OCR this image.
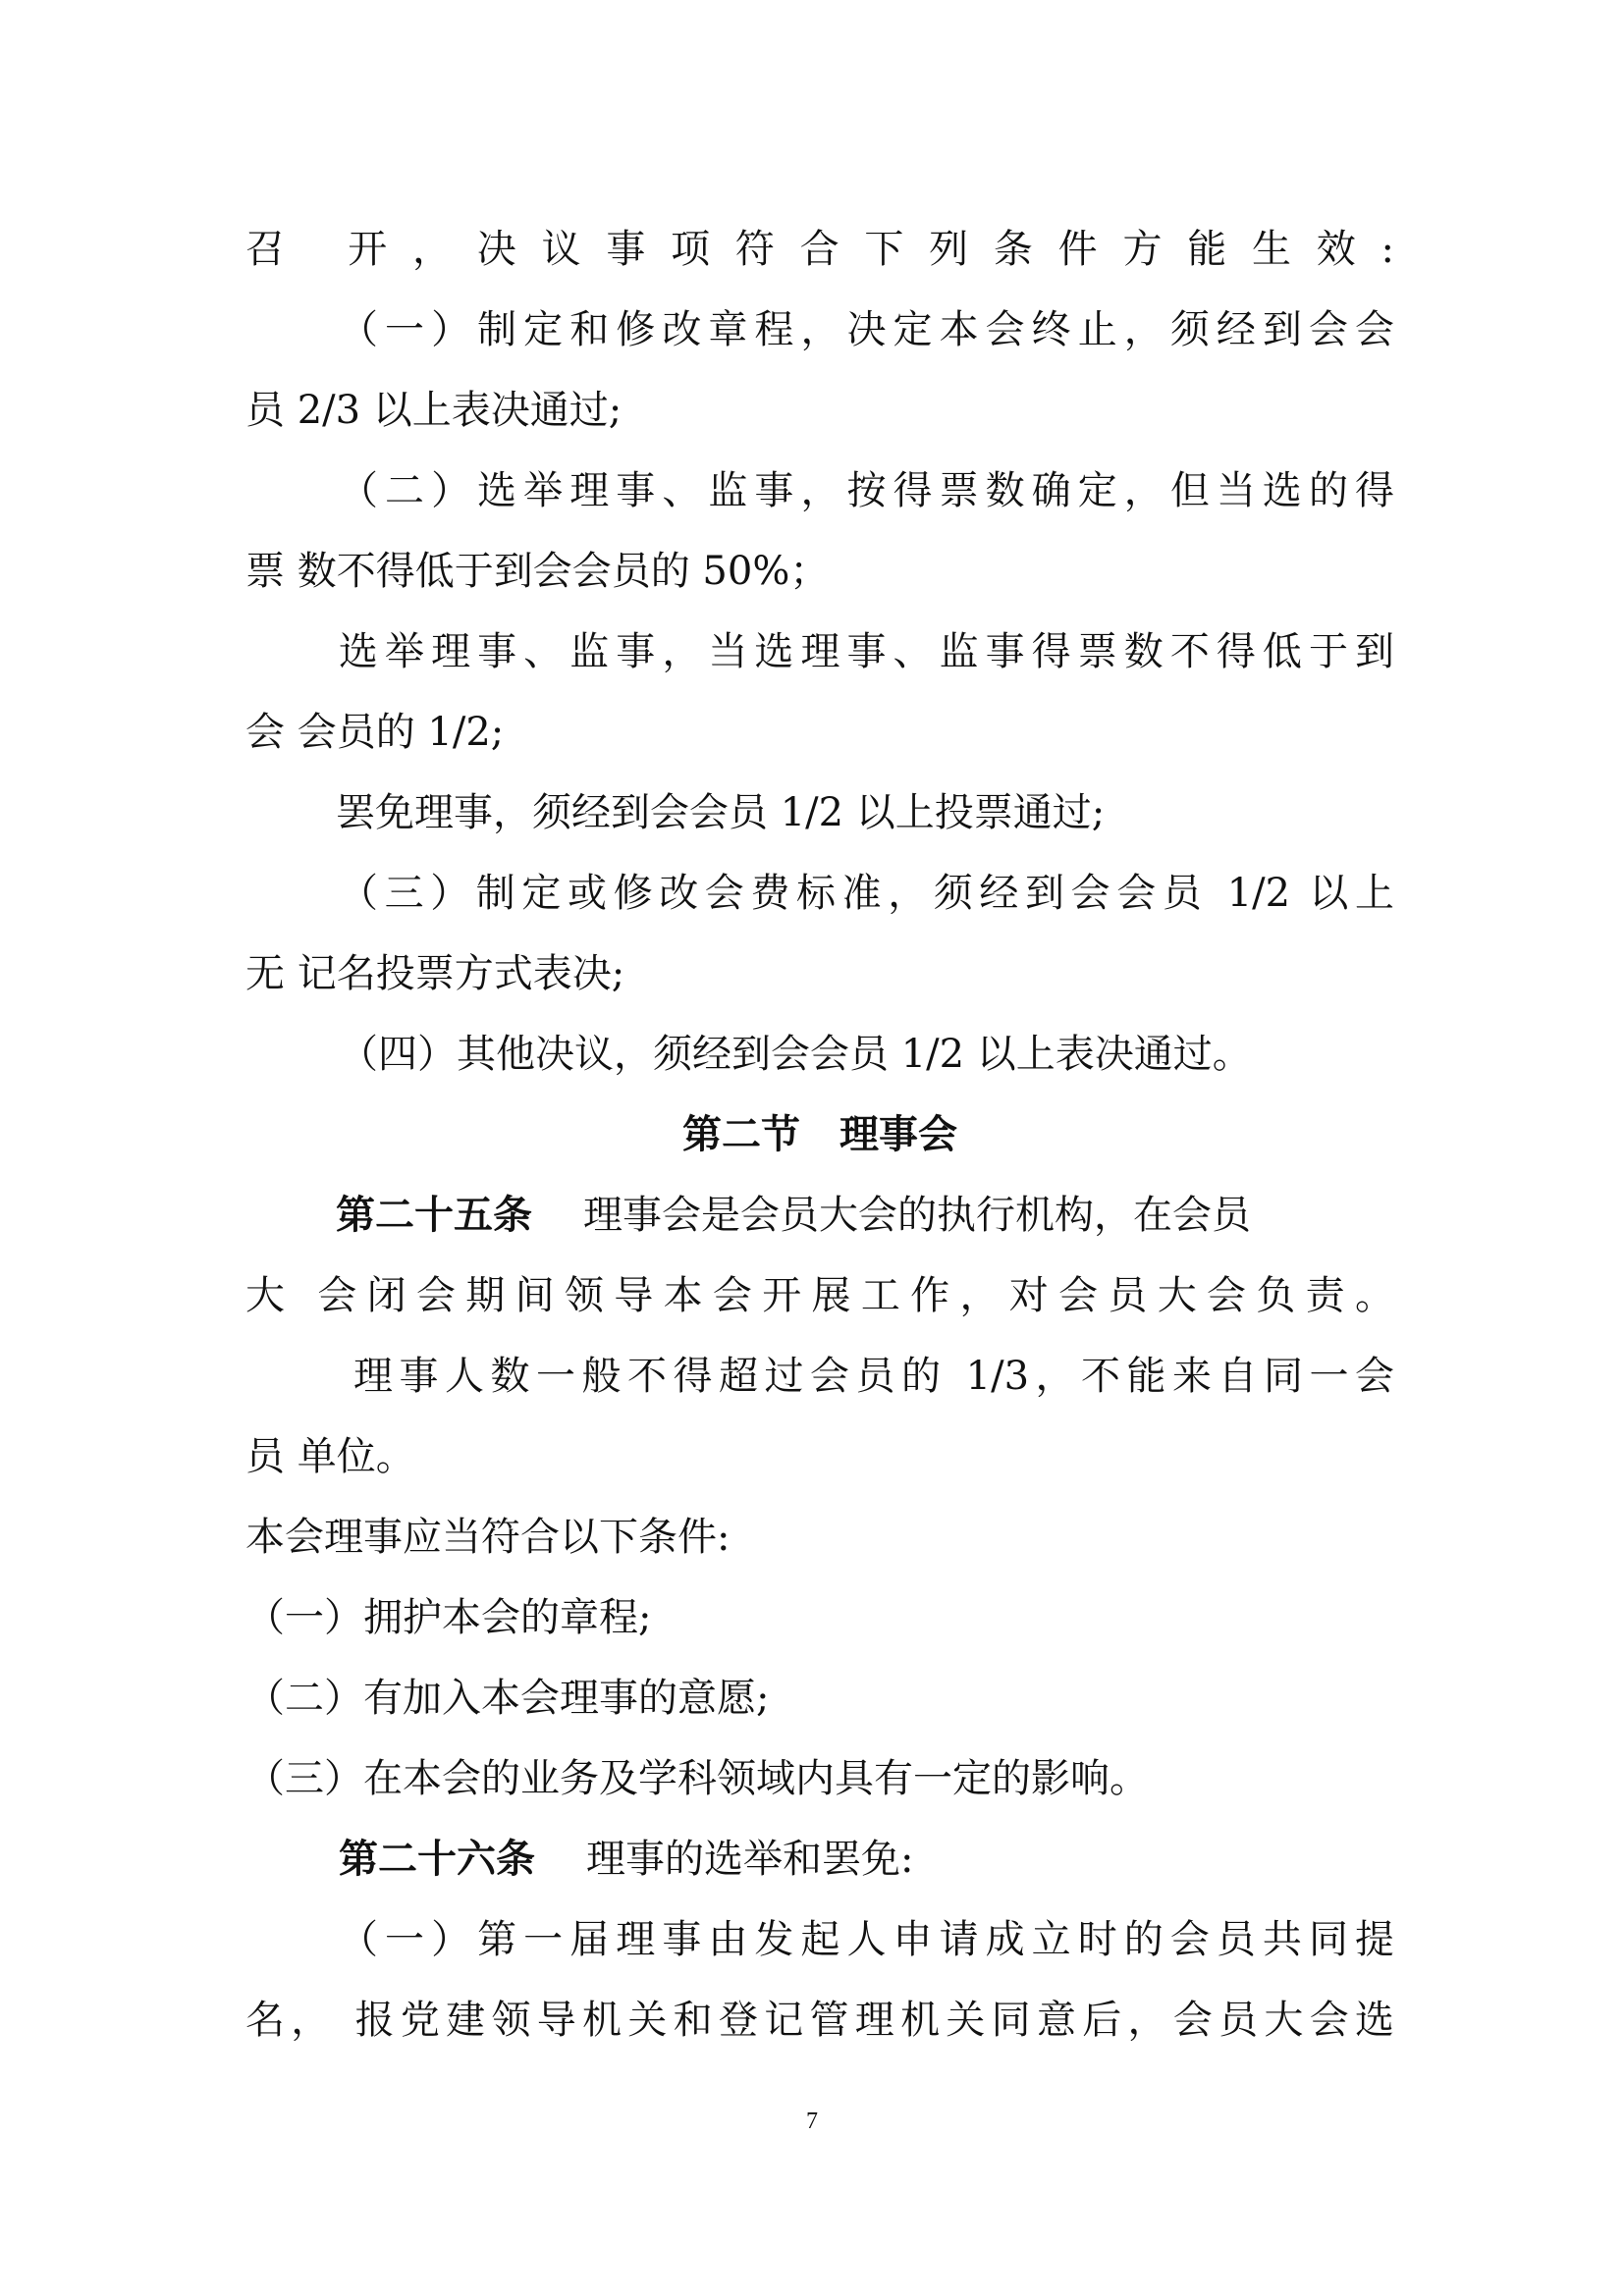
召 开，决议事项符合下列条件方能生效:
（一）制定和修改章程，决定本会终止，须经到会会
员 2/3 以上表决通过;
（二）选举理事、监事，按得票数确定，但当选的得
票 数不得低于到会会员的 50%；
选举理事、监事，当选理事、监事得票数不得低于到
会 会员的 1/2;
罢免理事，须经到会会员 1/2 以上投票通过;
（三）制定或修改会费标准，须经到会会员 1/2 以上
无 记名投票方式表决;
（四）其他决议，须经到会会员 1/2 以上表决通过。
第二节　理事会
第二十五条 理事会是会员大会的执行机构，在会员
大 会闭会期间领导本会开展工作，对会员大会负责。
理事人数一般不得超过会员的 1/3，不能来自同一会
员 单位。
本会理事应当符合以下条件:
（一）拥护本会的章程;
（二）有加入本会理事的意愿;
（三）在本会的业务及学科领域内具有一定的影响。
第二十六条 理事的选举和罢免:
（一）第一届理事由发起人申请成立时的会员共同提
名， 报党建领导机关和登记管理机关同意后，会员大会选
7
